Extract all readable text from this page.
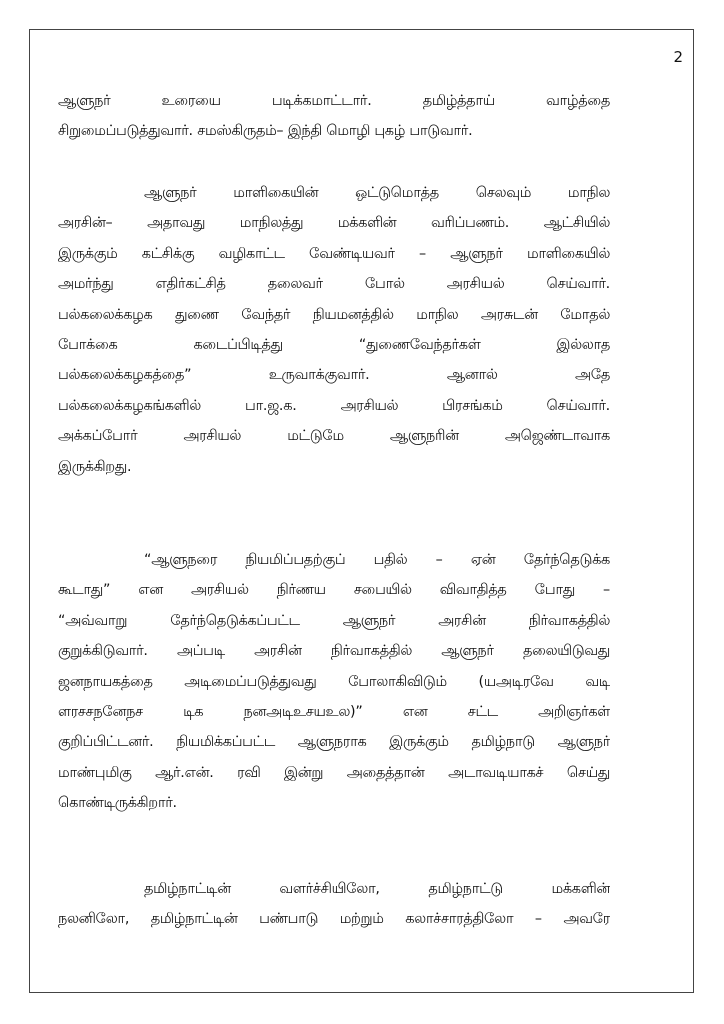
2
ஆளுநர் உரையை படிக்கமாட்டார். தமிழ்த்தாய் வாழ்த்தை
சிறுமைப்படுத்துவார். சமஸ்கிருதம்– இந்தி மொழி புகழ் பாடுவார்.
ஆளுநர் மாளிகையின் ஒட்டுமொத்த செலவும் மாநில
அரசின்– அதாவது மாநிலத்து மக்களின் வரிப்பணம். ஆட்சியில்
இருக்கும் கட்சிக்கு வழிகாட்ட வேண்டியவர் – ஆளுநர் மாளிகையில்
அமர்ந்து எதிர்கட்சித் தலைவர் போல் அரசியல் செய்வார்.
பல்கலைக்கழக துணை வேந்தர் நியமனத்தில் மாநில அரசுடன் மோதல்
போக்கை கடைப்பிடித்து “துணைவேந்தர்கள் இல்லாத
பல்கலைக்கழகத்தை” உருவாக்குவார். ஆனால் அதே
பல்கலைக்கழகங்களில் பா.ஜ.க. அரசியல் பிரசங்கம் செய்வார்.
அக்கப்போர் அரசியல் மட்டுமே ஆளுநரின் அஜெண்டாவாக
இருக்கிறது.
“ஆளுநரை நியமிப்பதற்குப் பதில் – ஏன் தேர்ந்தெடுக்க
கூடாது” என அரசியல் நிர்ணய சபையில் விவாதித்த போது –
“அவ்வாறு தேர்ந்தெடுக்கப்பட்ட ஆளுநர் அரசின் நிர்வாகத்தில்
குறுக்கிடுவார். அப்படி அரசின் நிர்வாகத்தில் ஆளுநர் தலையிடுவது
ஜனநாயகத்தை அடிமைப்படுத்துவது போலாகிவிடும் (யஅடிரவே வடி
ளரசசநனேநச டிக நனஅடிஉசயஉல)” என சட்ட அறிஞர்கள்
குறிப்பிட்டனர். நியமிக்கப்பட்ட ஆளுநராக இருக்கும் தமிழ்நாடு ஆளுநர்
மாண்புமிகு ஆர்.என். ரவி இன்று அதைத்தான் அடாவடியாகச் செய்து
கொண்டிருக்கிறார்.
தமிழ்நாட்டின் வளர்ச்சியிலோ, தமிழ்நாட்டு மக்களின்
நலனிலோ, தமிழ்நாட்டின் பண்பாடு மற்றும் கலாச்சாரத்திலோ – அவரே
